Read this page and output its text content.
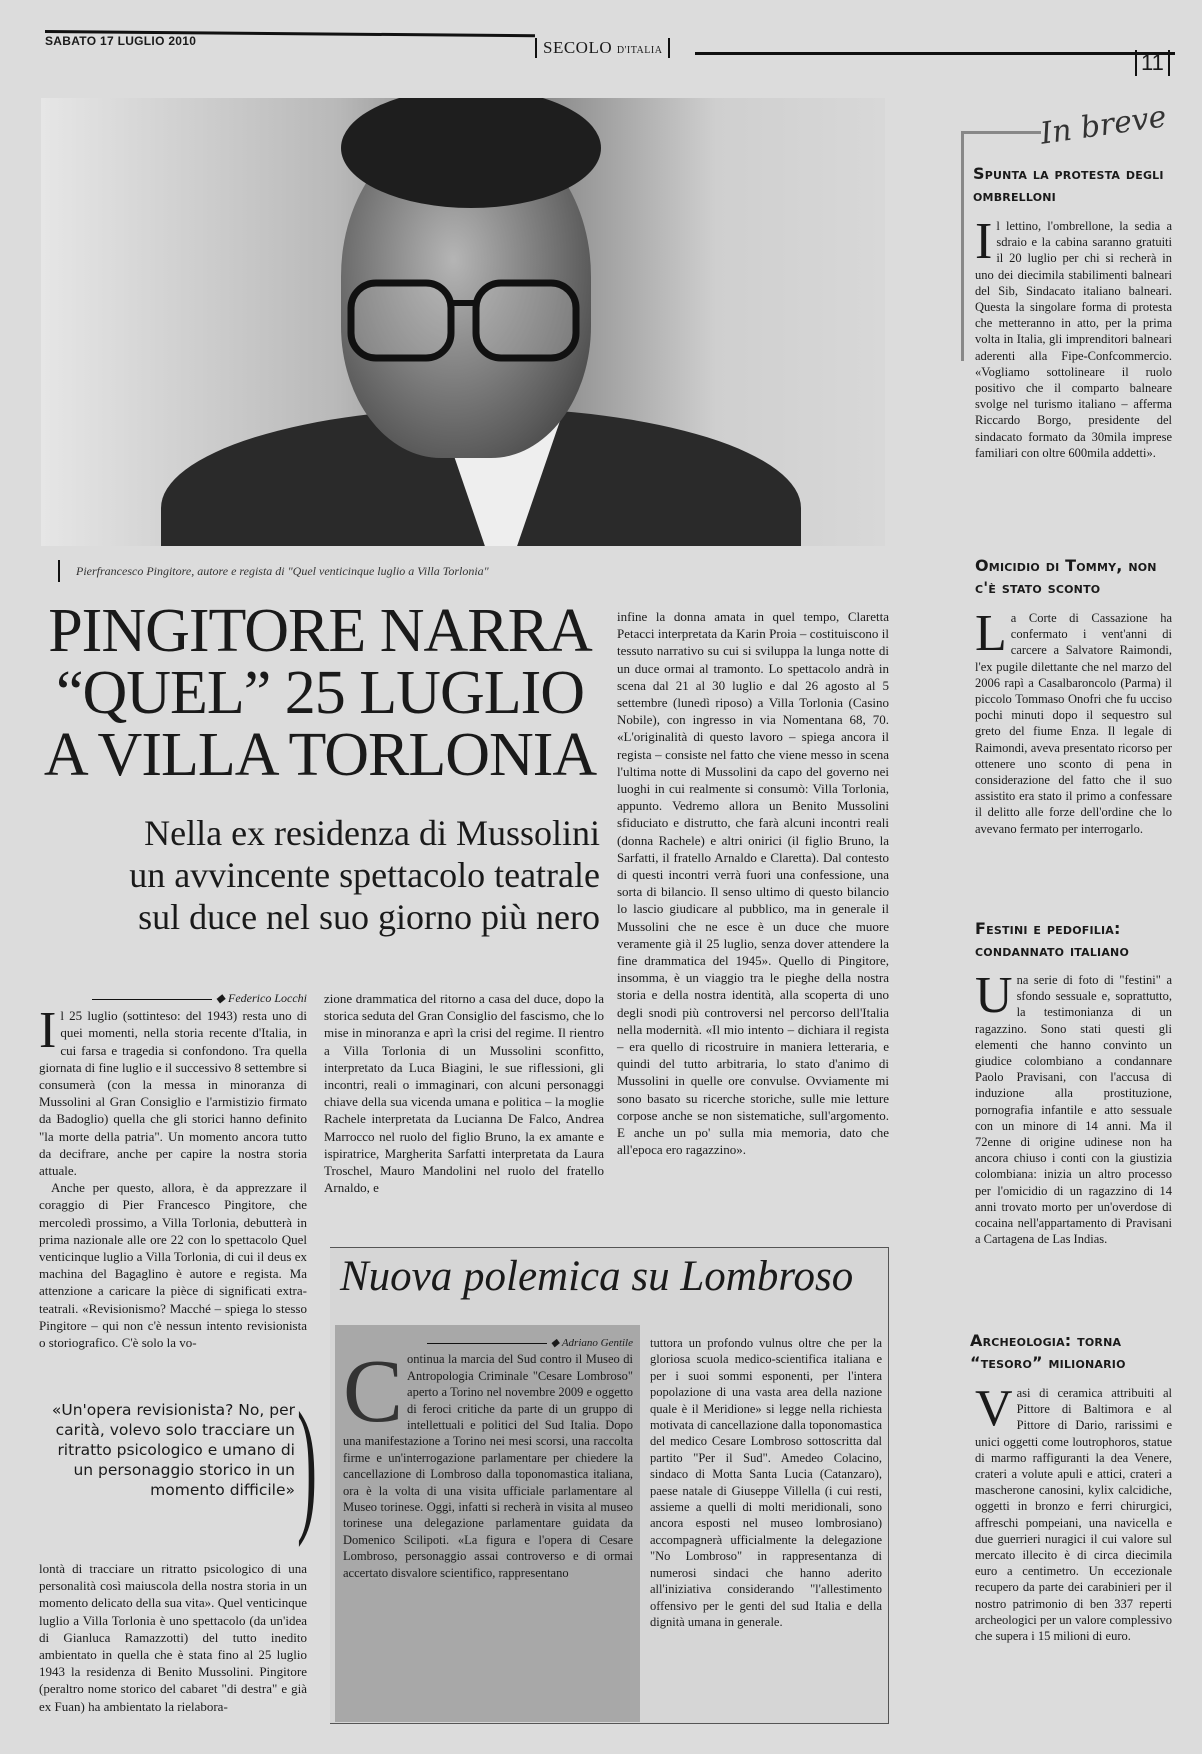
SABATO 17 LUGLIO 2010	SECOLO D'ITALIA	11
Pierfrancesco Pingitore, autore e regista di "Quel venticinque luglio a Villa Torlonia"
PINGITORE NARRA
“QUEL” 25 LUGLIO
A VILLA TORLONIA
Nella ex residenza di Mussolini
un avvincente spettacolo teatrale
sul duce nel suo giorno più nero

infine la donna amata in quel tempo, Claretta Petacci interpretata da Karin Proia – costituiscono il tessuto narrativo su cui si sviluppa la lunga notte di un duce ormai al tramonto. Lo spettacolo andrà in scena dal 21 al 30 luglio e dal 26 agosto al 5 settembre (lunedì riposo) a Villa Torlonia (Casino Nobile), con ingresso in via Nomentana 68, 70. «L'originalità di questo lavoro – spiega ancora il regista – consiste nel fatto che viene messo in scena l'ultima notte di Mussolini da capo del governo nei luoghi in cui realmente si consumò: Villa Torlonia, appunto. Vedremo allora un Benito Mussolini sfiduciato e distrutto, che farà alcuni incontri reali (donna Rachele) e altri onirici (il figlio Bruno, la Sarfatti, il fratello Arnaldo e Claretta). Dal contesto di questi incontri verrà fuori una confessione, una sorta di bilancio. Il senso ultimo di questo bilancio lo lascio giudicare al pubblico, ma in generale il Mussolini che ne esce è un duce che muore veramente già il 25 luglio, senza dover attendere la fine drammatica del 1945». Quello di Pingitore, insomma, è un viaggio tra le pieghe della nostra storia e della nostra identità, alla scoperta di uno degli snodi più controversi nel percorso dell'Italia nella modernità. «Il mio intento – dichiara il regista – era quello di ricostruire in maniera letteraria, e quindi del tutto arbitraria, lo stato d'animo di Mussolini in quelle ore convulse. Ovviamente mi sono basato su ricerche storiche, sulle mie letture corpose anche se non sistematiche, sull'argomento. E anche un po' sulla mia memoria, dato che all'epoca ero ragazzino».

◆ Federico Locchi

Il 25 luglio (sottinteso: del 1943) resta uno di quei momenti, nella storia recente d'Italia, in cui farsa e tragedia si confondono. Tra quella giornata di fine luglio e il successivo 8 settembre si consumerà (con la messa in minoranza di Mussolini al Gran Consiglio e l'armistizio firmato da Badoglio) quella che gli storici hanno definito "la morte della patria". Un momento ancora tutto da decifrare, anche per capire la nostra storia attuale.

Anche per questo, allora, è da apprezzare il coraggio di Pier Francesco Pingitore, che mercoledì prossimo, a Villa Torlonia, debutterà in prima nazionale alle ore 22 con lo spettacolo Quel venticinque luglio a Villa Torlonia, di cui il deus ex machina del Bagaglino è autore e regista. Ma attenzione a caricare la pièce di significati extra-teatrali. «Revisionismo? Macché – spiega lo stesso Pingitore – qui non c'è nessun intento revisionista o storiografico. C'è solo la vo-

«Un'opera revisionista? No, per carità, volevo solo tracciare un ritratto psicologico e umano di un personaggio storico in un momento difficile» )

lontà di tracciare un ritratto psicologico di una personalità così maiuscola della nostra storia in un momento delicato della sua vita». Quel venticinque luglio a Villa Torlonia è uno spettacolo (da un'idea di Gianluca Ramazzotti) del tutto inedito ambientato in quella che è stata fino al 25 luglio 1943 la residenza di Benito Mussolini. Pingitore (peraltro nome storico del cabaret "di destra" e già ex Fuan) ha ambientato la rielabora-

zione drammatica del ritorno a casa del duce, dopo la storica seduta del Gran Consiglio del fascismo, che lo mise in minoranza e aprì la crisi del regime. Il rientro a Villa Torlonia di un Mussolini sconfitto, interpretato da Luca Biagini, le sue riflessioni, gli incontri, reali o immaginari, con alcuni personaggi chiave della sua vicenda umana e politica – la moglie Rachele interpretata da Lucianna De Falco, Andrea Marrocco nel ruolo del figlio Bruno, la ex amante e ispiratrice, Margherita Sarfatti interpretata da Laura Troschel, Mauro Mandolini nel ruolo del fratello Arnaldo, e

Nuova polemica su Lombroso
◆ Adriano Gentile

Continua la marcia del Sud contro il Museo di Antropologia Criminale "Cesare Lombroso" aperto a Torino nel novembre 2009 e oggetto di feroci critiche da parte di un gruppo di intellettuali e politici del Sud Italia. Dopo una manifestazione a Torino nei mesi scorsi, una raccolta firme e un'interrogazione parlamentare per chiedere la cancellazione di Lombroso dalla toponomastica italiana, ora è la volta di una visita ufficiale parlamentare al Museo torinese. Oggi, infatti si recherà in visita al museo torinese una delegazione parlamentare guidata da Domenico Scilipoti. «La figura e l'opera di Cesare Lombroso, personaggio assai controverso e di ormai accertato disvalore scientifico, rappresentano

tuttora un profondo vulnus oltre che per la gloriosa scuola medico-scientifica italiana e per i suoi sommi esponenti, per l'intera popolazione di una vasta area della nazione quale è il Meridione» si legge nella richiesta motivata di cancellazione dalla toponomastica del medico Cesare Lombroso sottoscritta dal partito "Per il Sud". Amedeo Colacino, sindaco di Motta Santa Lucia (Catanzaro), paese natale di Giuseppe Villella (i cui resti, assieme a quelli di molti meridionali, sono ancora esposti nel museo lombrosiano) accompagnerà ufficialmente la delegazione "No Lombroso" in rappresentanza di numerosi sindaci che hanno aderito all'iniziativa considerando "l'allestimento offensivo per le genti del sud Italia e della dignità umana in generale.

In breve
Spunta la protesta degli ombrelloni

Il lettino, l'ombrellone, la sedia a sdraio e la cabina saranno gratuiti il 20 luglio per chi si recherà in uno dei diecimila stabilimenti balneari del Sib, Sindacato italiano balneari. Questa la singolare forma di protesta che metteranno in atto, per la prima volta in Italia, gli imprenditori balneari aderenti alla Fipe-Confcommercio. «Vogliamo sottolineare il ruolo positivo che il comparto balneare svolge nel turismo italiano – afferma Riccardo Borgo, presidente del sindacato formato da 30mila imprese familiari con oltre 600mila addetti».

Omicidio di Tommy, non c'è stato sconto

La Corte di Cassazione ha confermato i vent'anni di carcere a Salvatore Raimondi, l'ex pugile dilettante che nel marzo del 2006 rapì a Casalbaroncolo (Parma) il piccolo Tommaso Onofri che fu ucciso pochi minuti dopo il sequestro sul greto del fiume Enza. Il legale di Raimondi, aveva presentato ricorso per ottenere uno sconto di pena in considerazione del fatto che il suo assistito era stato il primo a confessare il delitto alle forze dell'ordine che lo avevano fermato per interrogarlo.

Festini e pedofilia: condannato italiano

Una serie di foto di "festini" a sfondo sessuale e, soprattutto, la testimonianza di un ragazzino. Sono stati questi gli elementi che hanno convinto un giudice colombiano a condannare Paolo Pravisani, con l'accusa di induzione alla prostituzione, pornografia infantile e atto sessuale con un minore di 14 anni. Ma il 72enne di origine udinese non ha ancora chiuso i conti con la giustizia colombiana: inizia un altro processo per l'omicidio di un ragazzino di 14 anni trovato morto per un'overdose di cocaina nell'appartamento di Pravisani a Cartagena de Las Indias.

Archeologia: torna “tesoro” milionario

Vasi di ceramica attribuiti al Pittore di Baltimora e al Pittore di Dario, rarissimi e unici oggetti come loutrophoros, statue di marmo raffiguranti la dea Venere, crateri a volute apuli e attici, crateri a mascherone canosini, kylix calcidiche, oggetti in bronzo e ferri chirurgici, affreschi pompeiani, una navicella e due guerrieri nuragici il cui valore sul mercato illecito è di circa diecimila euro a centimetro. Un eccezionale recupero da parte dei carabinieri per il nostro patrimonio di ben 337 reperti archeologici per un valore complessivo che supera i 15 milioni di euro.
